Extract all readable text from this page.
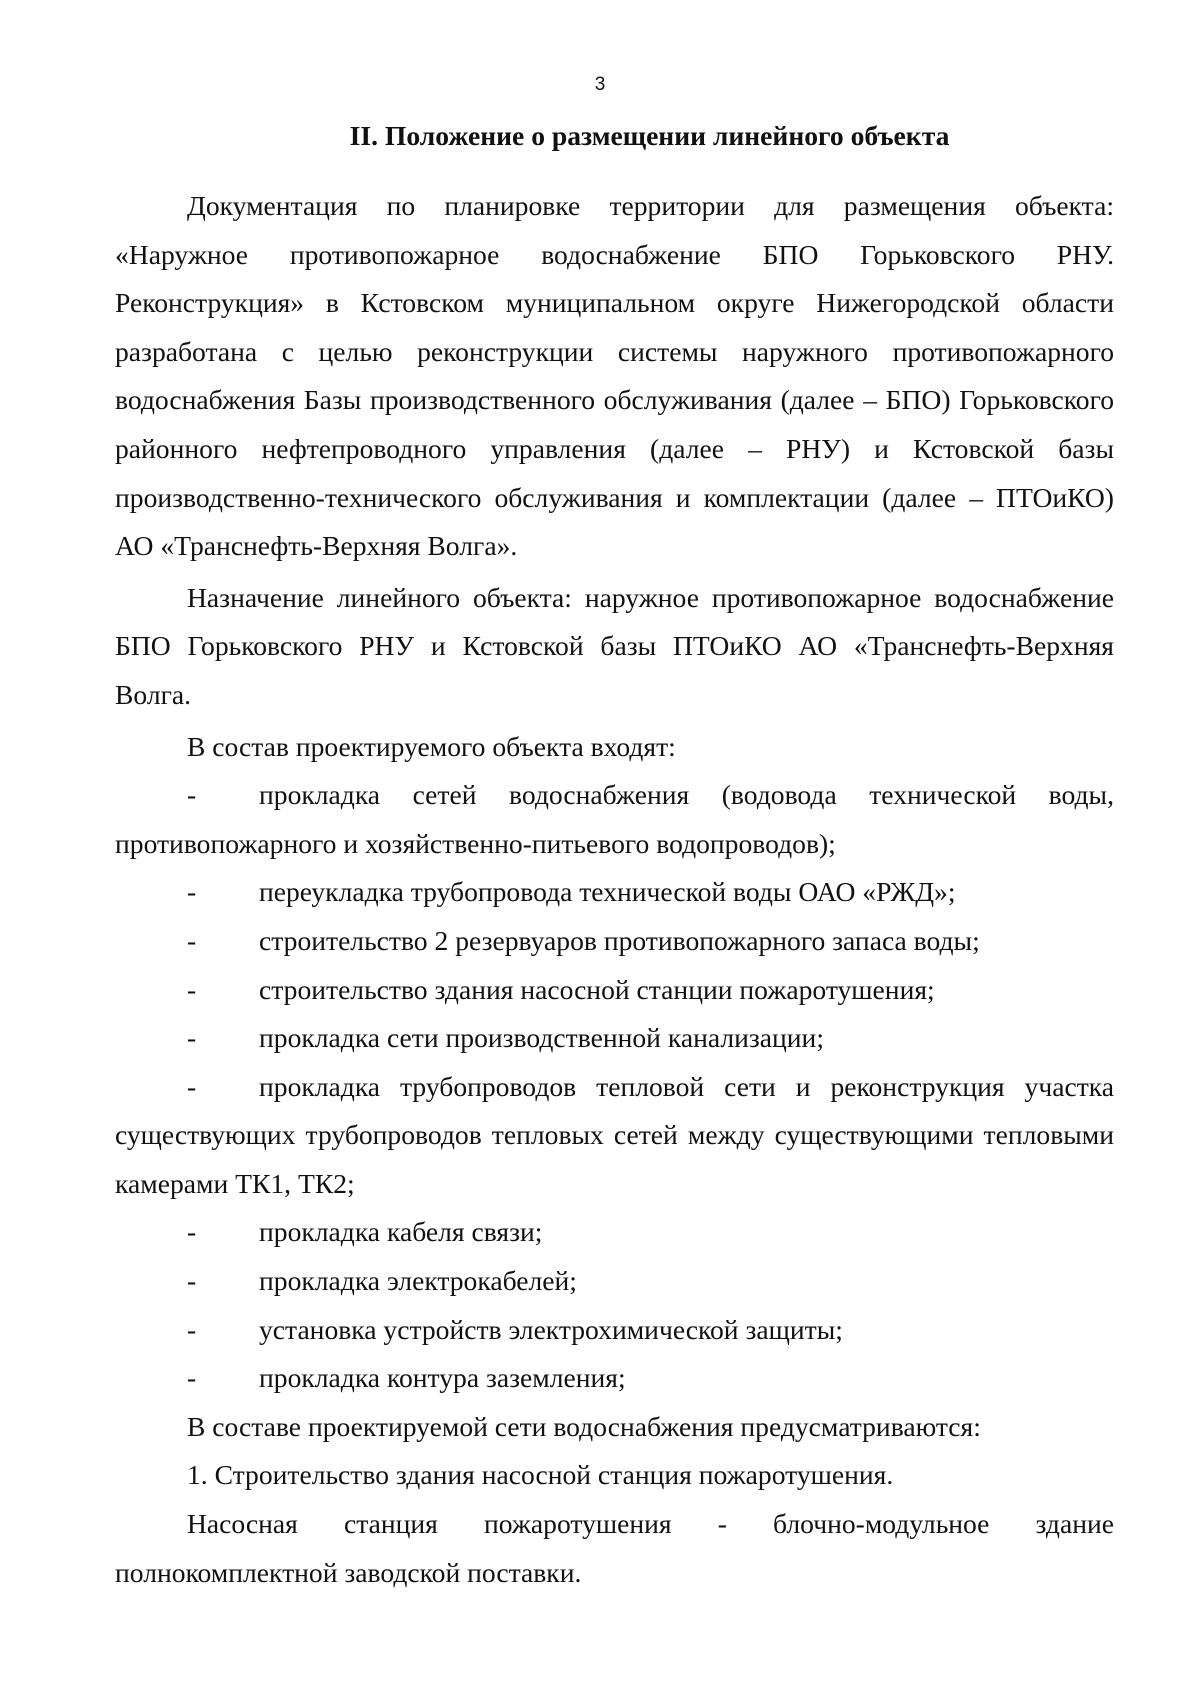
3
II. Положение о размещении линейного объекта

Документация по планировке территории для размещения объекта: «Наружное противопожарное водоснабжение БПО Горьковского РНУ. Реконструкция» в Кстовском муниципальном округе Нижегородской области разработана с целью реконструкции системы наружного противопожарного водоснабжения Базы производственного обслуживания (далее – БПО) Горьковского районного нефтепроводного управления (далее – РНУ) и Кстовской базы производственно-технического обслуживания и комплектации (далее – ПТОиКО) АО «Транснефть-Верхняя Волга».

Назначение линейного объекта: наружное противопожарное водоснабжение БПО Горьковского РНУ и Кстовской базы ПТОиКО АО «Транснефть-Верхняя Волга.

В состав проектируемого объекта входят:

- прокладка сетей водоснабжения (водовода технической воды, противопожарного и хозяйственно-питьевого водопроводов);
- переукладка трубопровода технической воды ОАО «РЖД»;
- строительство 2 резервуаров противопожарного запаса воды;
- строительство здания насосной станции пожаротушения;
- прокладка сети производственной канализации;
- прокладка трубопроводов тепловой сети и реконструкция участка существующих трубопроводов тепловых сетей между существующими тепловыми камерами ТК1, ТК2;
- прокладка кабеля связи;
- прокладка электрокабелей;
- установка устройств электрохимической защиты;
- прокладка контура заземления;

В составе проектируемой сети водоснабжения предусматриваются:

1. Строительство здания насосной станция пожаротушения.

Насосная станция пожаротушения - блочно-модульное здание полнокомплектной заводской поставки.
